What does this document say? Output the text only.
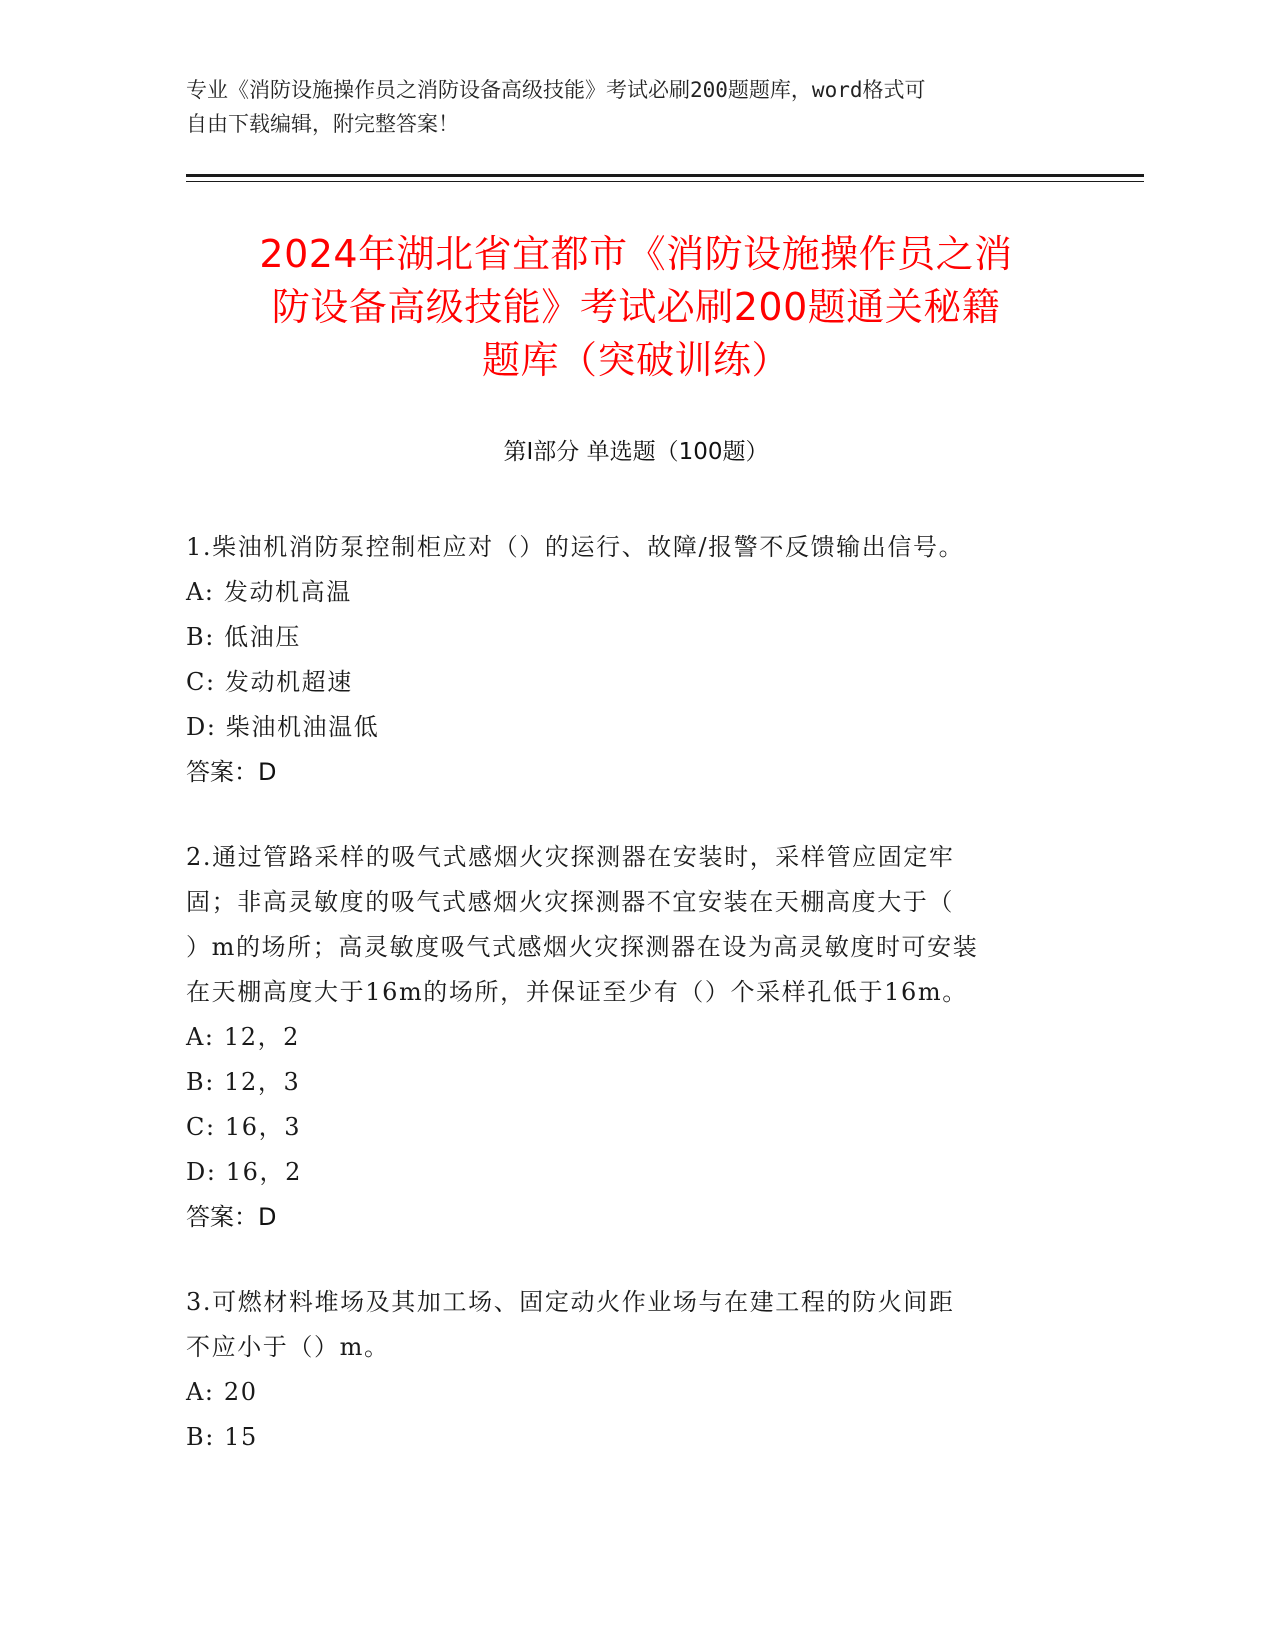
专业《消防设施操作员之消防设备高级技能》考试必刷200题题库，word格式可
自由下载编辑，附完整答案！
2024年湖北省宜都市《消防设施操作员之消
防设备高级技能》考试必刷200题通关秘籍
题库（突破训练）
第Ⅰ部分 单选题（100题）
1.柴油机消防泵控制柜应对（）的运行、故障/报警不反馈输出信号。
A: 发动机高温
B: 低油压
C: 发动机超速
D: 柴油机油温低
答案：D
2.通过管路采样的吸气式感烟火灾探测器在安装时，采样管应固定牢
固；非高灵敏度的吸气式感烟火灾探测器不宜安装在天棚高度大于（
）m的场所；高灵敏度吸气式感烟火灾探测器在设为高灵敏度时可安装
在天棚高度大于16m的场所，并保证至少有（）个采样孔低于16m。
A: 12，2
B: 12，3
C: 16，3
D: 16，2
答案：D
3.可燃材料堆场及其加工场、固定动火作业场与在建工程的防火间距
不应小于（）m。
A: 20
B: 15
